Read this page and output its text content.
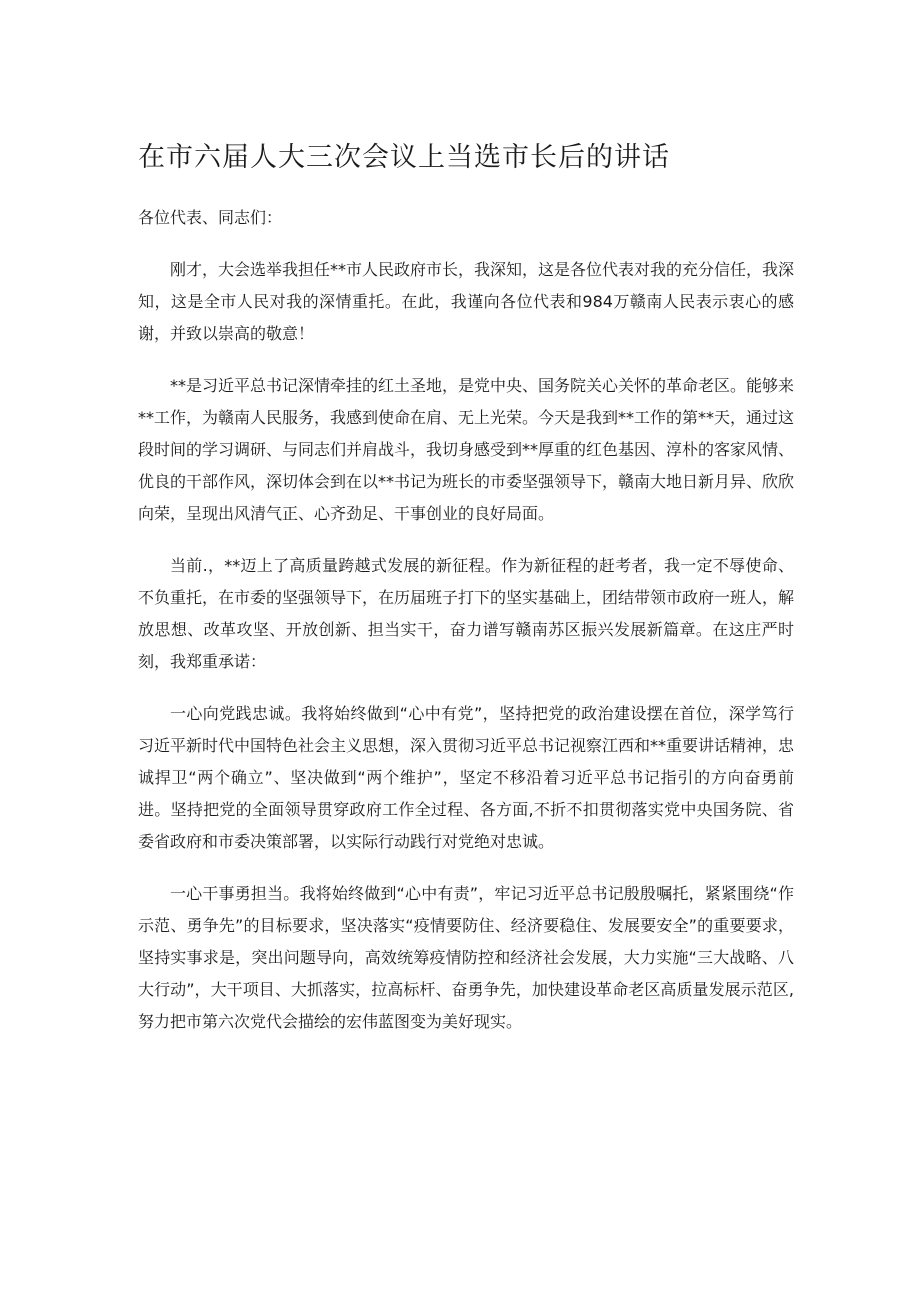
在市六届人大三次会议上当选市长后的讲话

各位代表、同志们：

刚才，大会选举我担任**市人民政府市长，我深知，这是各位代表对我的充分信任，我深知，这是全市人民对我的深情重托。在此，我谨向各位代表和984万赣南人民表示衷心的感谢，并致以崇高的敬意！

**是习近平总书记深情牵挂的红土圣地，是党中央、国务院关心关怀的革命老区。能够来**工作，为赣南人民服务，我感到使命在肩、无上光荣。今天是我到**工作的第**天，通过这段时间的学习调研、与同志们并肩战斗，我切身感受到**厚重的红色基因、淳朴的客家风情、优良的干部作风，深切体会到在以**书记为班长的市委坚强领导下，赣南大地日新月异、欣欣向荣，呈现出风清气正、心齐劲足、干事创业的良好局面。

当前.，**迈上了高质量跨越式发展的新征程。作为新征程的赶考者，我一定不辱使命、不负重托，在市委的坚强领导下，在历届班子打下的坚实基础上，团结带领市政府一班人，解放思想、改革攻坚、开放创新、担当实干，奋力谱写赣南苏区振兴发展新篇章。在这庄严时刻，我郑重承诺：

一心向党践忠诚。我将始终做到“心中有党”，坚持把党的政治建设摆在首位，深学笃行习近平新时代中国特色社会主义思想，深入贯彻习近平总书记视察江西和**重要讲话精神，忠诚捍卫“两个确立”、坚决做到“两个维护”，坚定不移沿着习近平总书记指引的方向奋勇前进。坚持把党的全面领导贯穿政府工作全过程、各方面,不折不扣贯彻落实党中央国务院、省委省政府和市委决策部署，以实际行动践行对党绝对忠诚。

一心干事勇担当。我将始终做到“心中有责”，牢记习近平总书记殷殷嘱托，紧紧围绕“作示范、勇争先”的目标要求，坚决落实“疫情要防住、经济要稳住、发展要安全”的重要要求，坚持实事求是，突出问题导向，高效统筹疫情防控和经济社会发展，大力实施“三大战略、八大行动”，大干项目、大抓落实，拉高标杆、奋勇争先，加快建设革命老区高质量发展示范区,努力把市第六次党代会描绘的宏伟蓝图变为美好现实。
